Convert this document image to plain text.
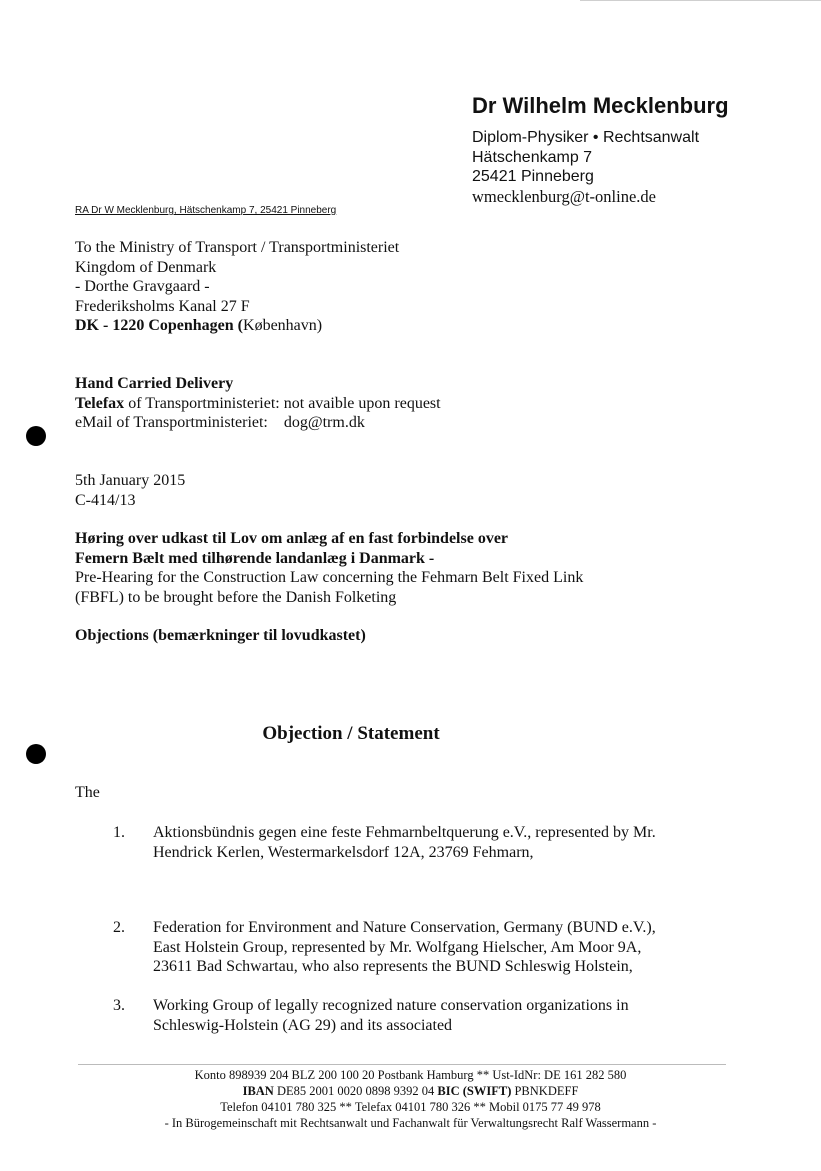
Dr Wilhelm Mecklenburg
Diplom-Physiker • Rechtsanwalt
Hätschenkamp 7
25421 Pinneberg
wmecklenburg@t-online.de
RA Dr W Mecklenburg, Hätschenkamp 7, 25421 Pinneberg
To the Ministry of Transport / Transportministeriet
Kingdom of Denmark
- Dorthe Gravgaard -
Frederiksholms Kanal 27 F
DK - 1220 Copenhagen (København)
Hand Carried Delivery
Telefax of Transportministeriet: not avaible upon request
eMail of Transportministeriet:    dog@trm.dk
5th January 2015
C-414/13
Høring over udkast til Lov om anlæg af en fast forbindelse over
Femern Bælt med tilhørende landanlæg i Danmark -
Pre-Hearing for the Construction Law concerning the Fehmarn Belt Fixed Link
(FBFL) to be brought before the Danish Folketing
Objections (bemærkninger til lovudkastet)
Objection / Statement
The
1. Aktionsbündnis gegen eine feste Fehmarnbeltquerung e.V., represented by Mr. Hendrick Kerlen, Westermarkelsdorf 12A, 23769 Fehmarn,
2. Federation for Environment and Nature Conservation, Germany (BUND e.V.), East Holstein Group, represented by Mr. Wolfgang Hielscher, Am Moor 9A, 23611 Bad Schwartau, who also represents the BUND Schleswig Holstein,
3. Working Group of legally recognized nature conservation organizations in Schleswig-Holstein (AG 29) and its associated
Konto 898939 204 BLZ 200 100 20 Postbank Hamburg ** Ust-IdNr: DE 161 282 580
IBAN DE85 2001 0020 0898 9392 04 BIC (SWIFT) PBNKDEFF
Telefon 04101 780 325 ** Telefax 04101 780 326 ** Mobil 0175 77 49 978
- In Bürogemeinschaft mit Rechtsanwalt und Fachanwalt für Verwaltungsrecht Ralf Wassermann -
